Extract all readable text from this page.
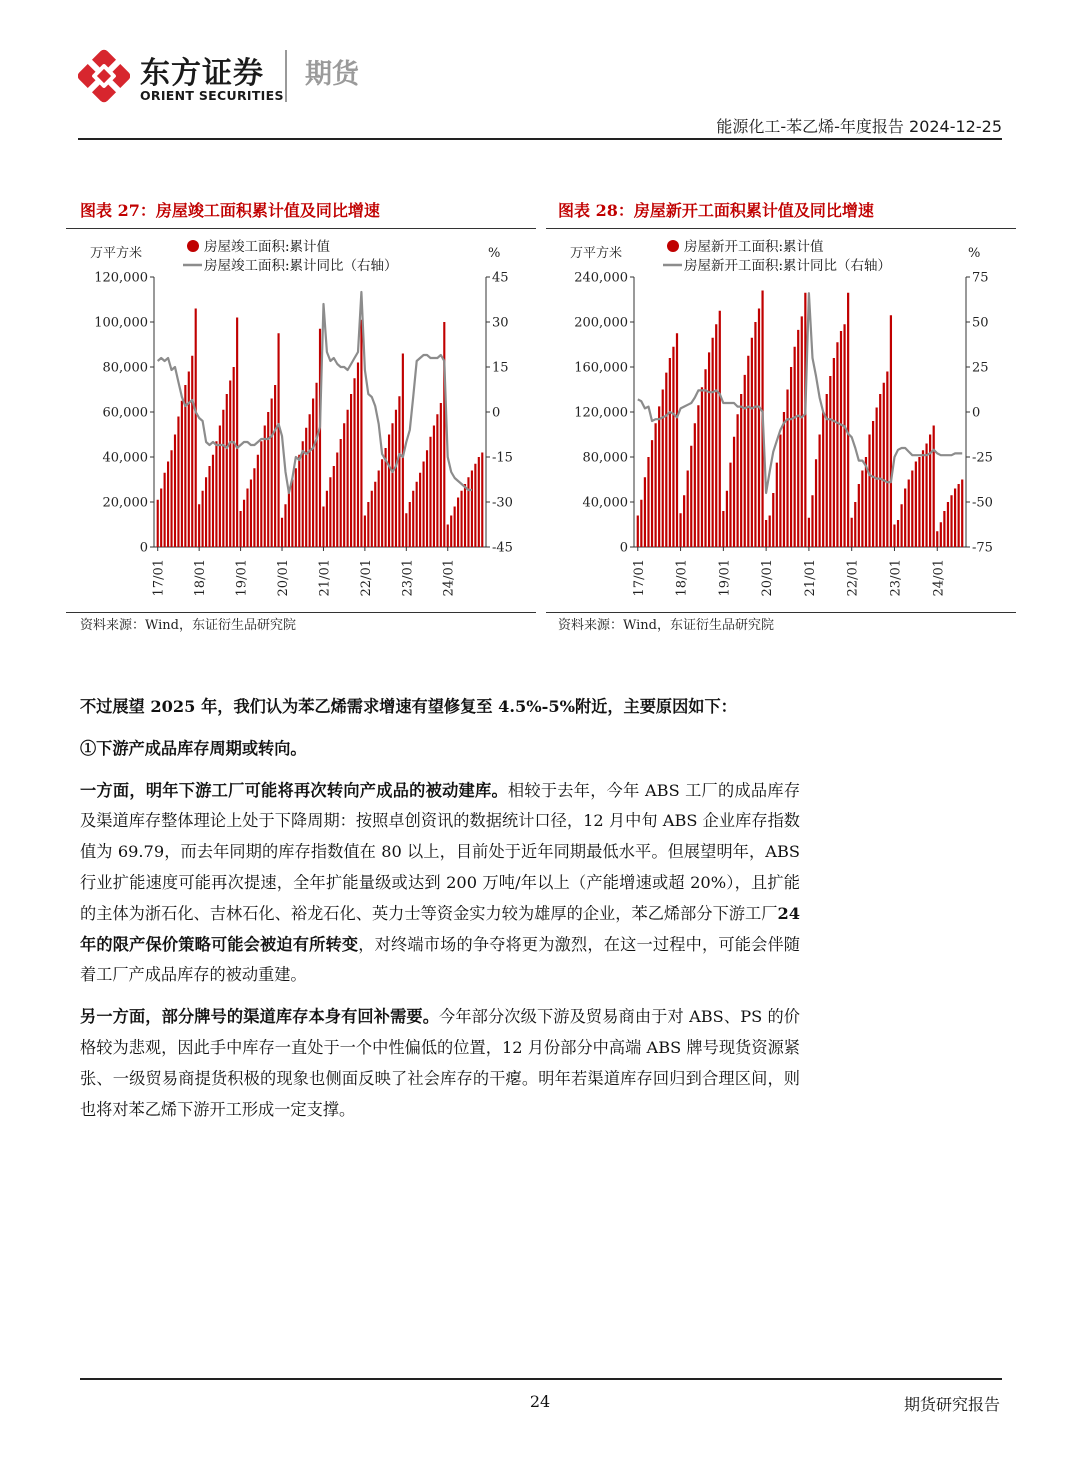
东方证券
ORIENT SECURITIES
期货
能源化工-苯乙烯-年度报告 2024-12-25
图表 27：房屋竣工面积累计值及同比增速
万平方米	%
房屋竣工面积:累计值
房屋竣工面积:累计同比（右轴）
0
20,000
40,000
60,000
80,000
100,000
120,000
-45
-30
-15
0
15
30
45
17/01 18/01 19/01 20/01 21/01 22/01 23/01 24/01
资料来源：Wind，东证衍生品研究院
图表 28：房屋新开工面积累计值及同比增速
万平方米	%
房屋新开工面积:累计值
房屋新开工面积:累计同比（右轴）
0
40,000
80,000
120,000
160,000
200,000
240,000
-75
-50
-25
0
25
50
75
17/01 18/01 19/01 20/01 21/01 22/01 23/01 24/01
资料来源：Wind，东证衍生品研究院

不过展望 2025 年，我们认为苯乙烯需求增速有望修复至 4.5%-5%附近，主要原因如下：

①下游产成品库存周期或转向。

一方面，明年下游工厂可能将再次转向产成品的被动建库。相较于去年，今年 ABS 工厂的成品库存及渠道库存整体理论上处于下降周期：按照卓创资讯的数据统计口径，12 月中旬 ABS 企业库存指数值为 69.79，而去年同期的库存指数值在 80 以上，目前处于近年同期最低水平。但展望明年，ABS 行业扩能速度可能再次提速，全年扩能量级或达到 200 万吨/年以上（产能增速或超 20%），且扩能的主体为浙石化、吉林石化、裕龙石化、英力士等资金实力较为雄厚的企业，苯乙烯部分下游工厂24 年的限产保价策略可能会被迫有所转变，对终端市场的争夺将更为激烈，在这一过程中，可能会伴随着工厂产成品库存的被动重建。

另一方面，部分牌号的渠道库存本身有回补需要。今年部分次级下游及贸易商由于对 ABS、PS 的价格较为悲观，因此手中库存一直处于一个中性偏低的位置，12 月份部分中高端 ABS 牌号现货资源紧张、一级贸易商提货积极的现象也侧面反映了社会库存的干瘪。明年若渠道库存回归到合理区间，则也将对苯乙烯下游开工形成一定支撑。

24	期货研究报告
